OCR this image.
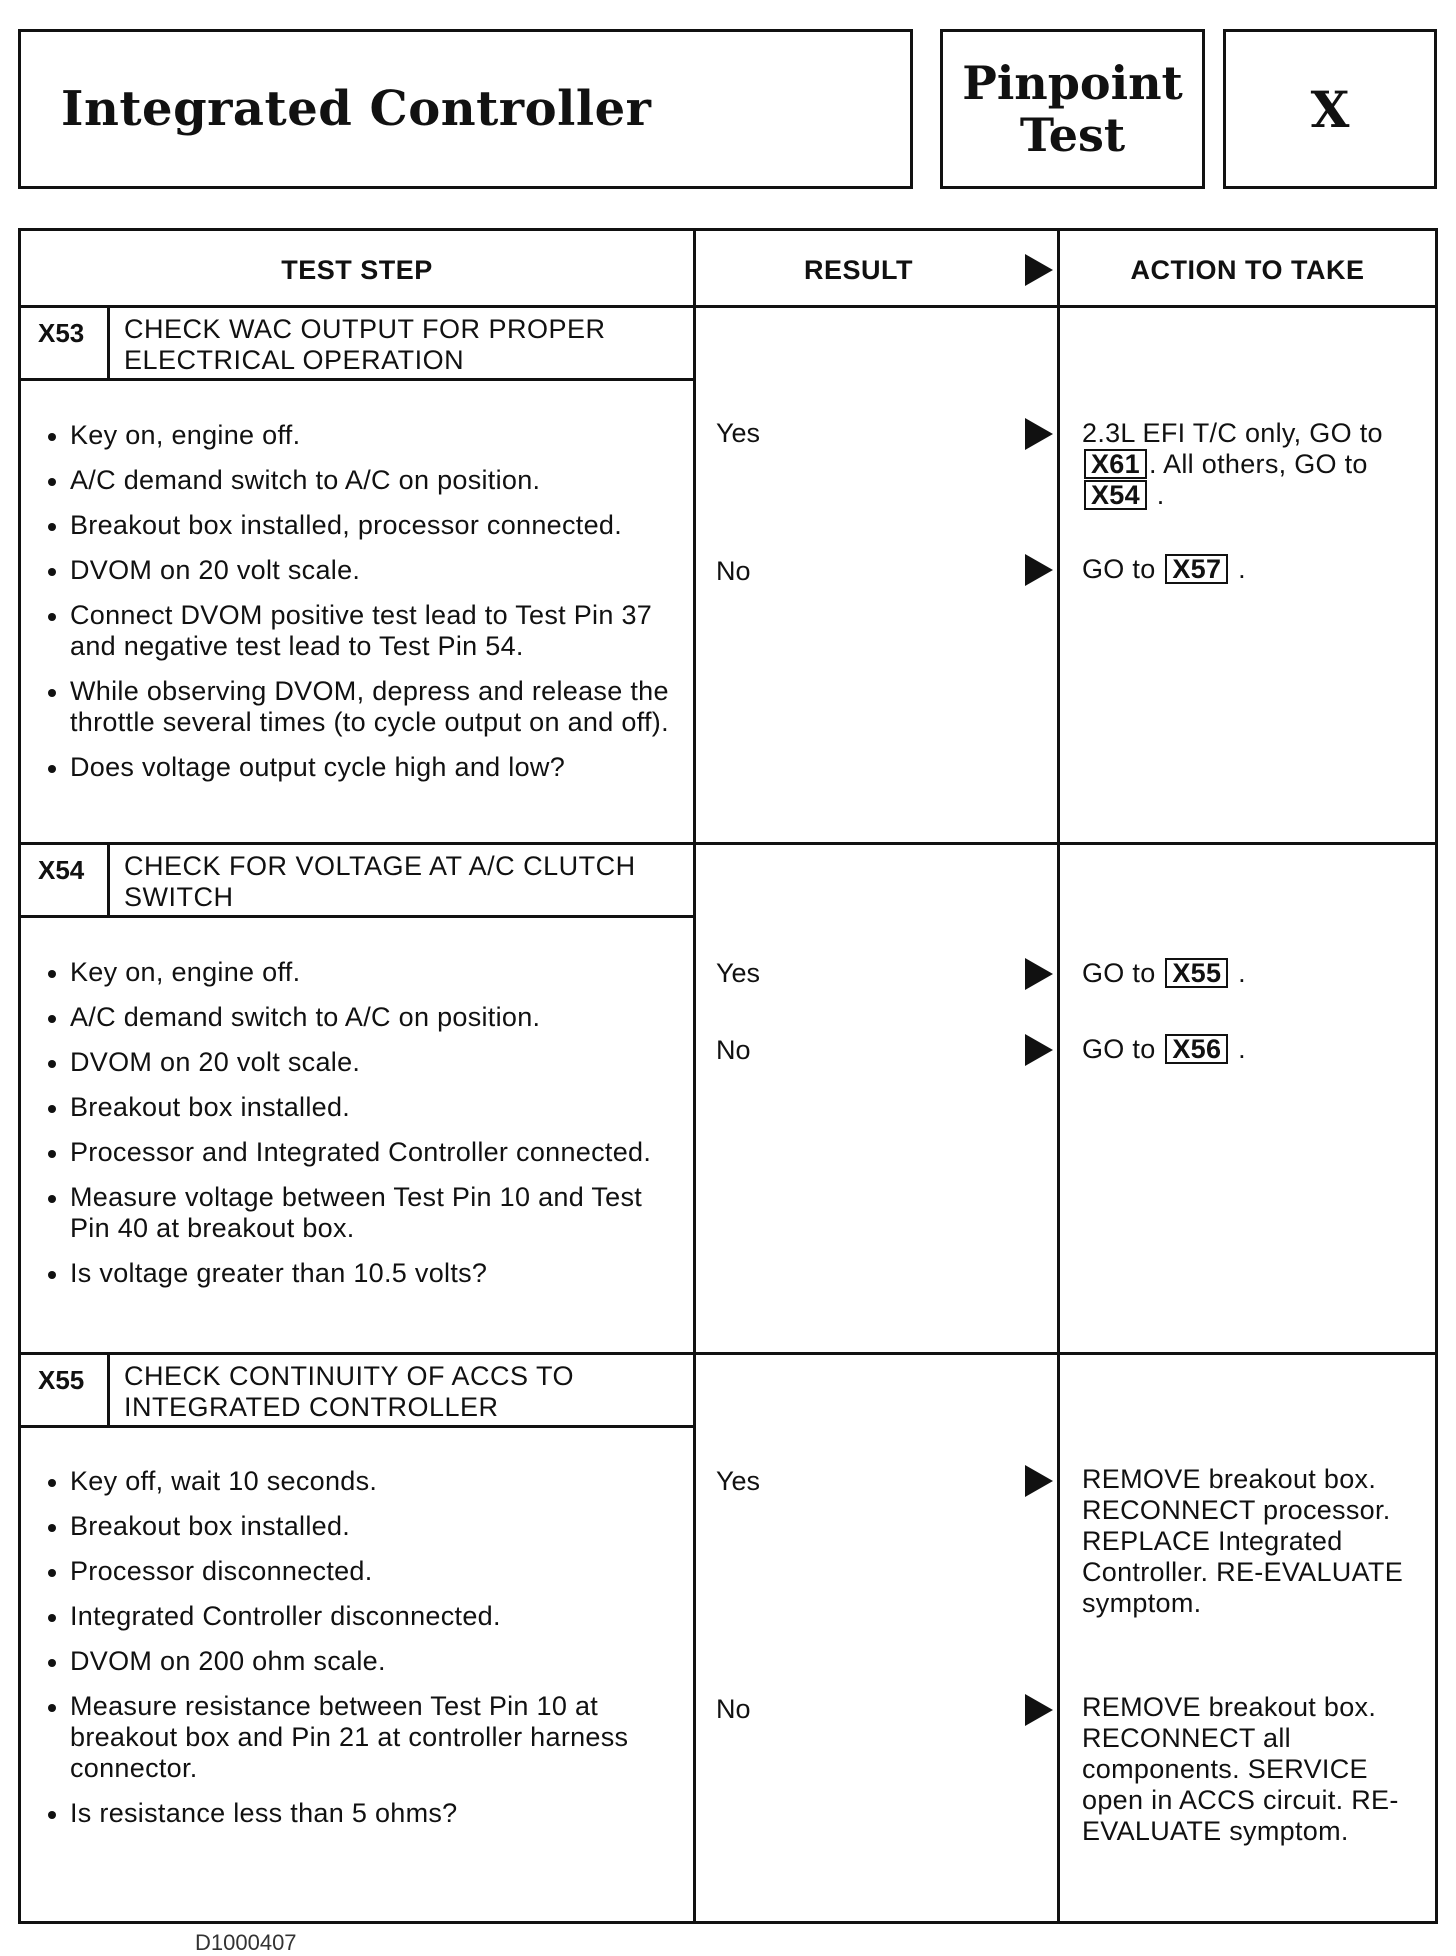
Integrated Controller	Pinpoint
Test	X
TEST STEP	RESULT	ACTION TO TAKE
X53 CHECK WAC OUTPUT FOR PROPER ELECTRICAL OPERATION
Key on, engine off.
A/C demand switch to A/C on position.
Breakout box installed, processor connected.
DVOM on 20 volt scale.
Connect DVOM positive test lead to Test Pin 37 and negative test lead to Test Pin 54.
While observing DVOM, depress and release the throttle several times (to cycle output on and off).
Does voltage output cycle high and low?
Yes	2.3L EFI T/C only, GO to X61 . All others, GO to X54 .
No	GO to X57 .
X54 CHECK FOR VOLTAGE AT A/C CLUTCH SWITCH
Key on, engine off.
A/C demand switch to A/C on position.
DVOM on 20 volt scale.
Breakout box installed.
Processor and Integrated Controller connected.
Measure voltage between Test Pin 10 and Test Pin 40 at breakout box.
Is voltage greater than 10.5 volts?
Yes	GO to X55 .
No	GO to X56 .
X55 CHECK CONTINUITY OF ACCS TO INTEGRATED CONTROLLER
Key off, wait 10 seconds.
Breakout box installed.
Processor disconnected.
Integrated Controller disconnected.
DVOM on 200 ohm scale.
Measure resistance between Test Pin 10 at breakout box and Pin 21 at controller harness connector.
Is resistance less than 5 ohms?
Yes	REMOVE breakout box. RECONNECT processor. REPLACE Integrated Controller. RE-EVALUATE symptom.
No	REMOVE breakout box. RECONNECT all components. SERVICE open in ACCS circuit. RE-EVALUATE symptom.
D1000407
